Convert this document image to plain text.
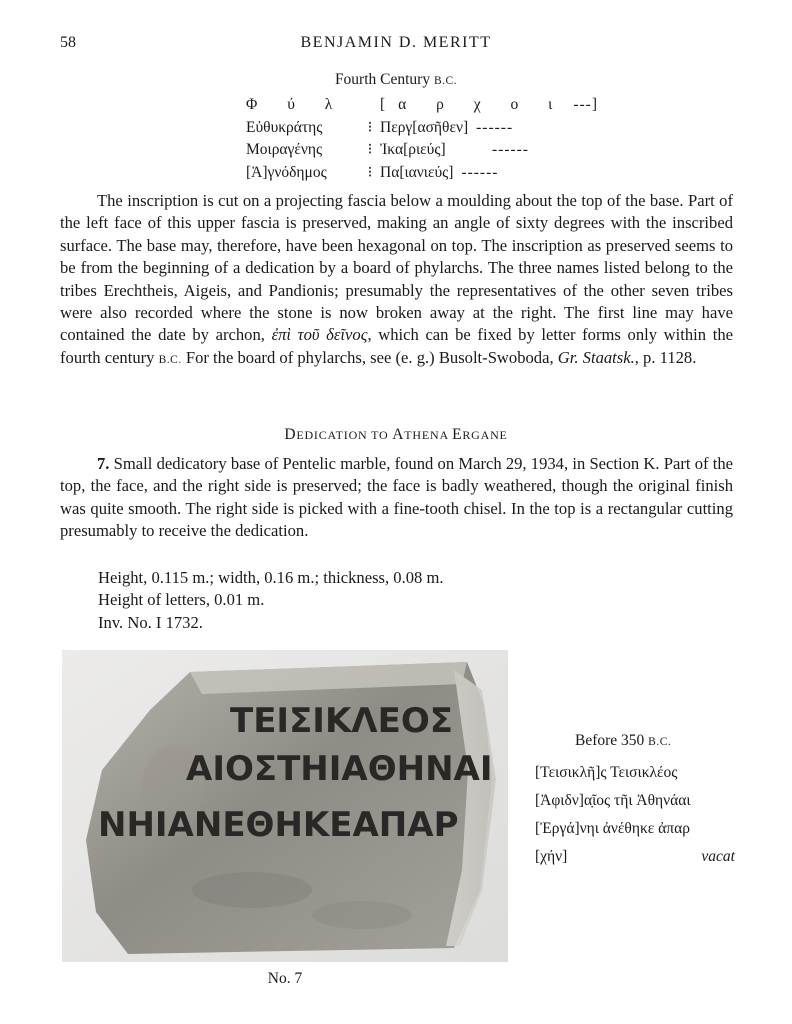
58	BENJAMIN D. MERITT
Fourth Century B.C.
Φ ύ λ [α ρ χ ο ι ---]
Εὐθυκράτης	⁝ Περγ[ασῆθεν] ------
Μοιραγένης	⁝ Ἰκα[ριεύς]	------
[Ἁ]γνόδημος	⁝ Πα[ιανιεύς] ------
The inscription is cut on a projecting fascia below a moulding about the top of the base. Part of the left face of this upper fascia is preserved, making an angle of sixty degrees with the inscribed surface. The base may, therefore, have been hexagonal on top. The inscription as preserved seems to be from the beginning of a dedication by a board of phylarchs. The three names listed belong to the tribes Erechtheis, Aigeis, and Pandionis; presumably the representatives of the other seven tribes were also recorded where the stone is now broken away at the right. The first line may have contained the date by archon, ἐπὶ τοῦ δεῖνος, which can be fixed by letter forms only within the fourth century B.C. For the board of phylarchs, see (e. g.) Busolt-Swoboda, Gr. Staatsk., p. 1128.
DEDICATION TO ATHENA ERGANE
7. Small dedicatory base of Pentelic marble, found on March 29, 1934, in Section K. Part of the top, the face, and the right side is preserved; the face is badly weathered, though the original finish was quite smooth. The right side is picked with a fine-tooth chisel. In the top is a rectangular cutting presumably to receive the dedication.
Height, 0.115 m.; width, 0.16 m.; thickness, 0.08 m.
Height of letters, 0.01 m.
Inv. No. I 1732.
ΤΕΙΣΙΚΛΕΟΣ
ΑΙΟΣΤΗΙΑΘΗΝΑΙ
ΝΗΙΑΝΕΘΗΚΕΑΠΑΡ
No. 7
Before 350 B.C.
[Τεισικλῆ]ς Τεισικλέος
[Ἀφιδν]α̣ῖος τῆι Ἀθηνάαι
[Ἐργά]νηι ἀνέθηκε ἀπαρ
[χήν]	vacat
